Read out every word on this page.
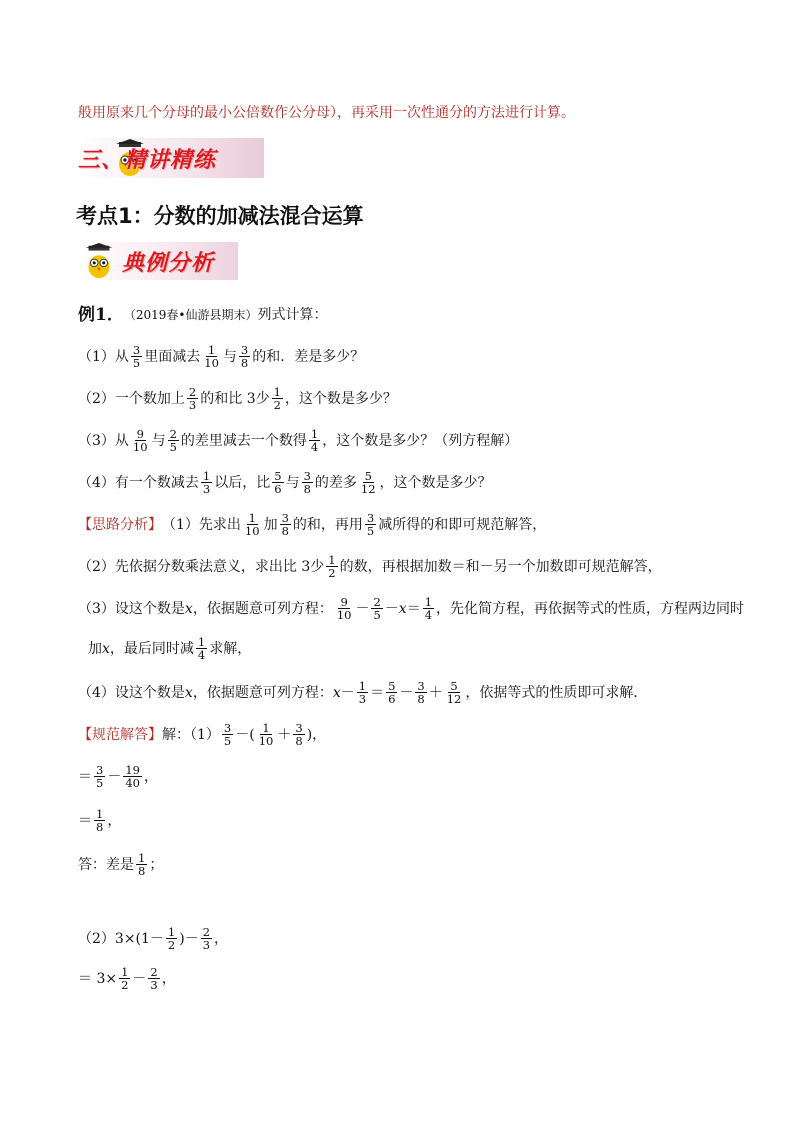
般用原来几个分母的最小公倍数作公分母），再采用一次性通分的方法进行计算。
三、精讲精练
考点1：分数的加减法混合运算
典例分析
例1． （2019春•仙游县期末） 列式计算：
（1）从 $\frac{3}{5}$ 里面减去 $\frac{1}{10}$ 与 $\frac{3}{8}$ 的和．差是多少？
（2）一个数加上 $\frac{2}{3}$ 的和比 3少 $\frac{1}{2}$ ，这个数是多少？
（3）从 $\frac{9}{10}$ 与 $\frac{2}{5}$ 的差里减去一个数得 $\frac{1}{4}$ ，这个数是多少？（列方程解）
（4）有一个数减去 $\frac{1}{3}$ 以后，比 $\frac{5}{6}$ 与 $\frac{3}{8}$ 的差多 $\frac{5}{12}$ ，这个数是多少？
【思路分析】 （1）先求出 $\frac{1}{10}$ 加 $\frac{3}{8}$ 的和，再用 $\frac{3}{5}$ 减所得的和即可规范解答，
（2）先依据分数乘法意义，求出比 3少 $\frac{1}{2}$ 的数，再根据加数＝和－另一个加数即可规范解答，
（3）设这个数是 x ，依据题意可列方程： $\frac{9}{10} - \frac{2}{5} - x = \frac{1}{4}$ ，先化简方程，再依据等式的性质，方程两边同时
加 x ，最后同时减 $\frac{1}{4}$ 求解，
（4）设这个数是 x ，依据题意可列方程： $x - \frac{1}{3} = \frac{5}{6} - \frac{3}{8} + \frac{5}{12}$ ，依据等式的性质即可求解．
【规范解答】 解：$(1) \frac{3}{5}$ －( $\frac{1}{10} + \frac{3}{8}$ )，
＝ $\frac{3}{5} - \frac{19}{40}$ ，
＝ $\frac{1}{8}$ ，
答：差是 $\frac{1}{8}$ ；
$(2)3\times(1- \frac{1}{2}$ )－ $\frac{2}{3}$ ，
＝ $3\times \frac{1}{2} - \frac{2}{3}$ ，
